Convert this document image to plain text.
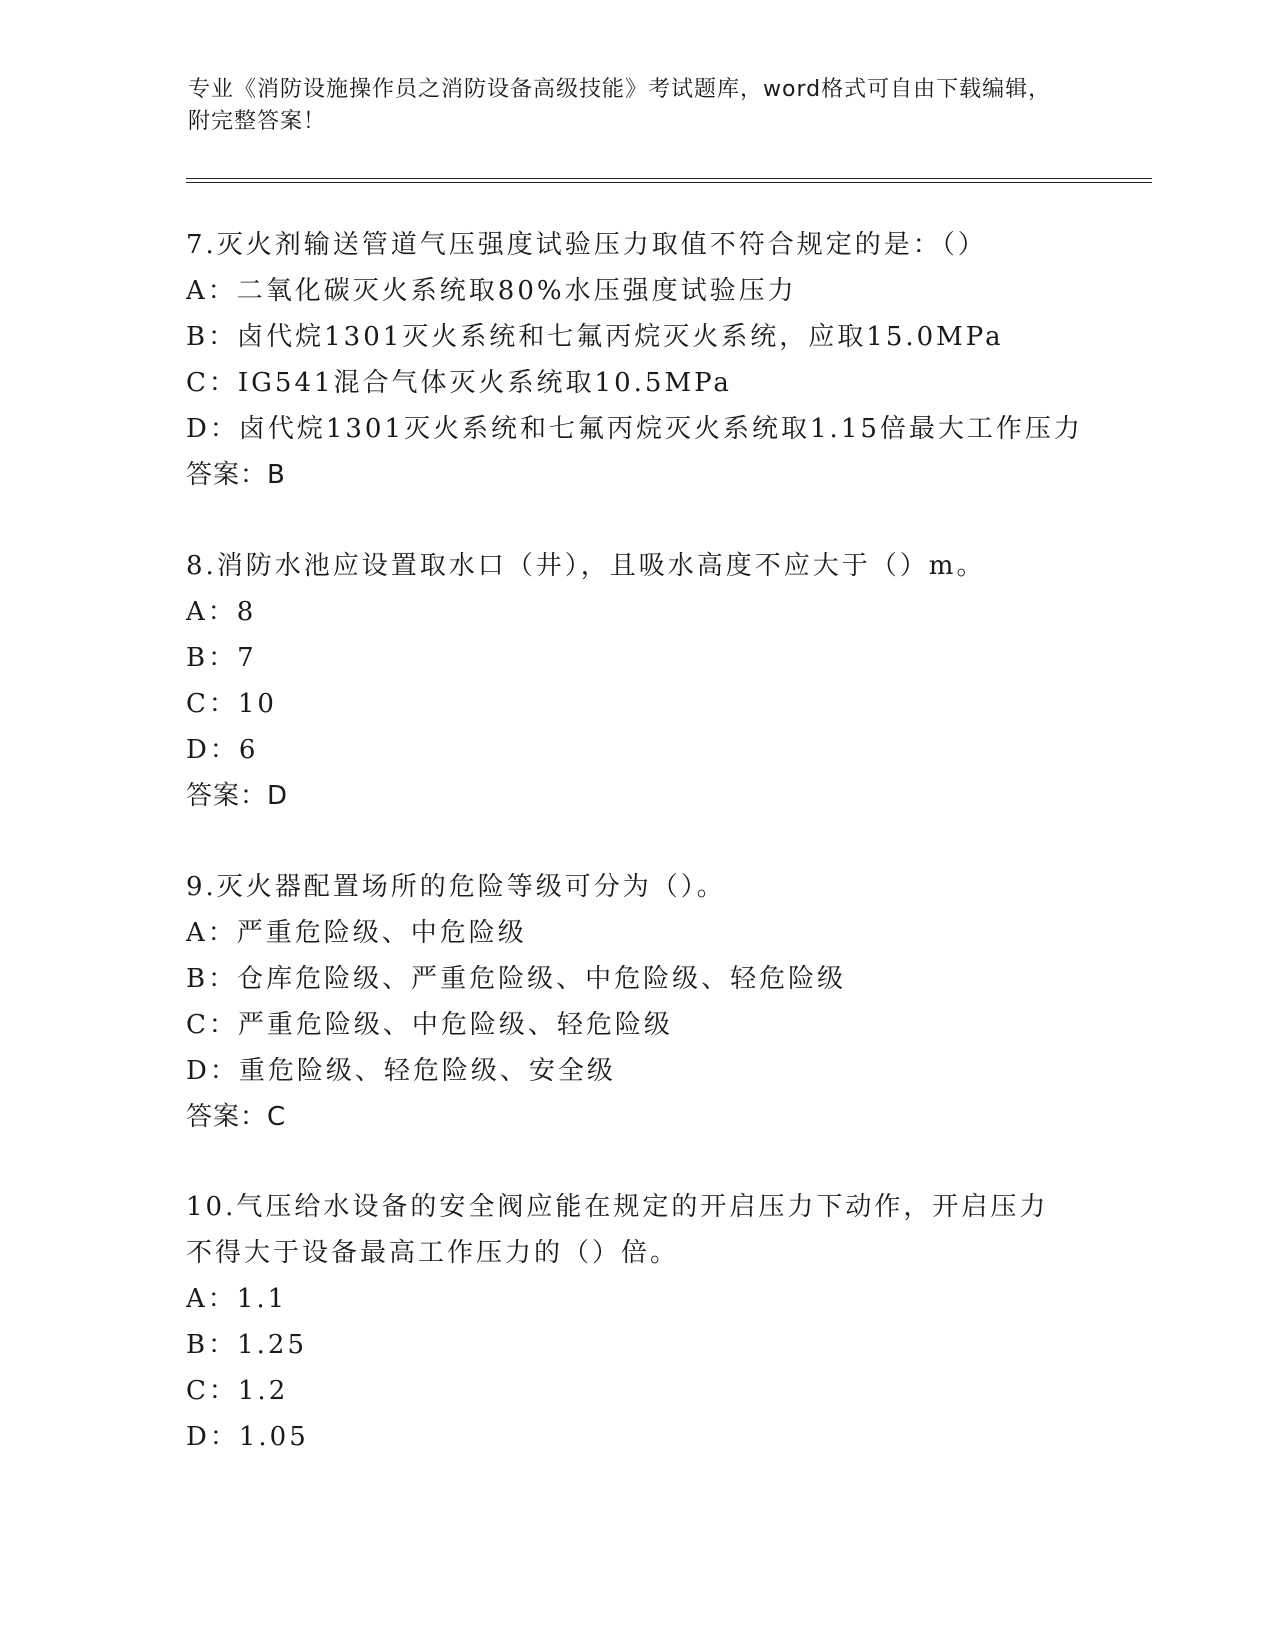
专业《消防设施操作员之消防设备高级技能》考试题库，word格式可自由下载编辑，附完整答案！
7.灭火剂输送管道气压强度试验压力取值不符合规定的是：（）
A：二氧化碳灭火系统取80%水压强度试验压力
B：卤代烷1301灭火系统和七氟丙烷灭火系统，应取15.0MPa
C：IG541混合气体灭火系统取10.5MPa
D：卤代烷1301灭火系统和七氟丙烷灭火系统取1.15倍最大工作压力
答案：B
8.消防水池应设置取水口（井），且吸水高度不应大于（）m。
A：8
B：7
C：10
D：6
答案：D
9.灭火器配置场所的危险等级可分为（）。
A：严重危险级、中危险级
B：仓库危险级、严重危险级、中危险级、轻危险级
C：严重危险级、中危险级、轻危险级
D：重危险级、轻危险级、安全级
答案：C
10.气压给水设备的安全阀应能在规定的开启压力下动作，开启压力不得大于设备最高工作压力的（）倍。
A：1.1
B：1.25
C：1.2
D：1.05
